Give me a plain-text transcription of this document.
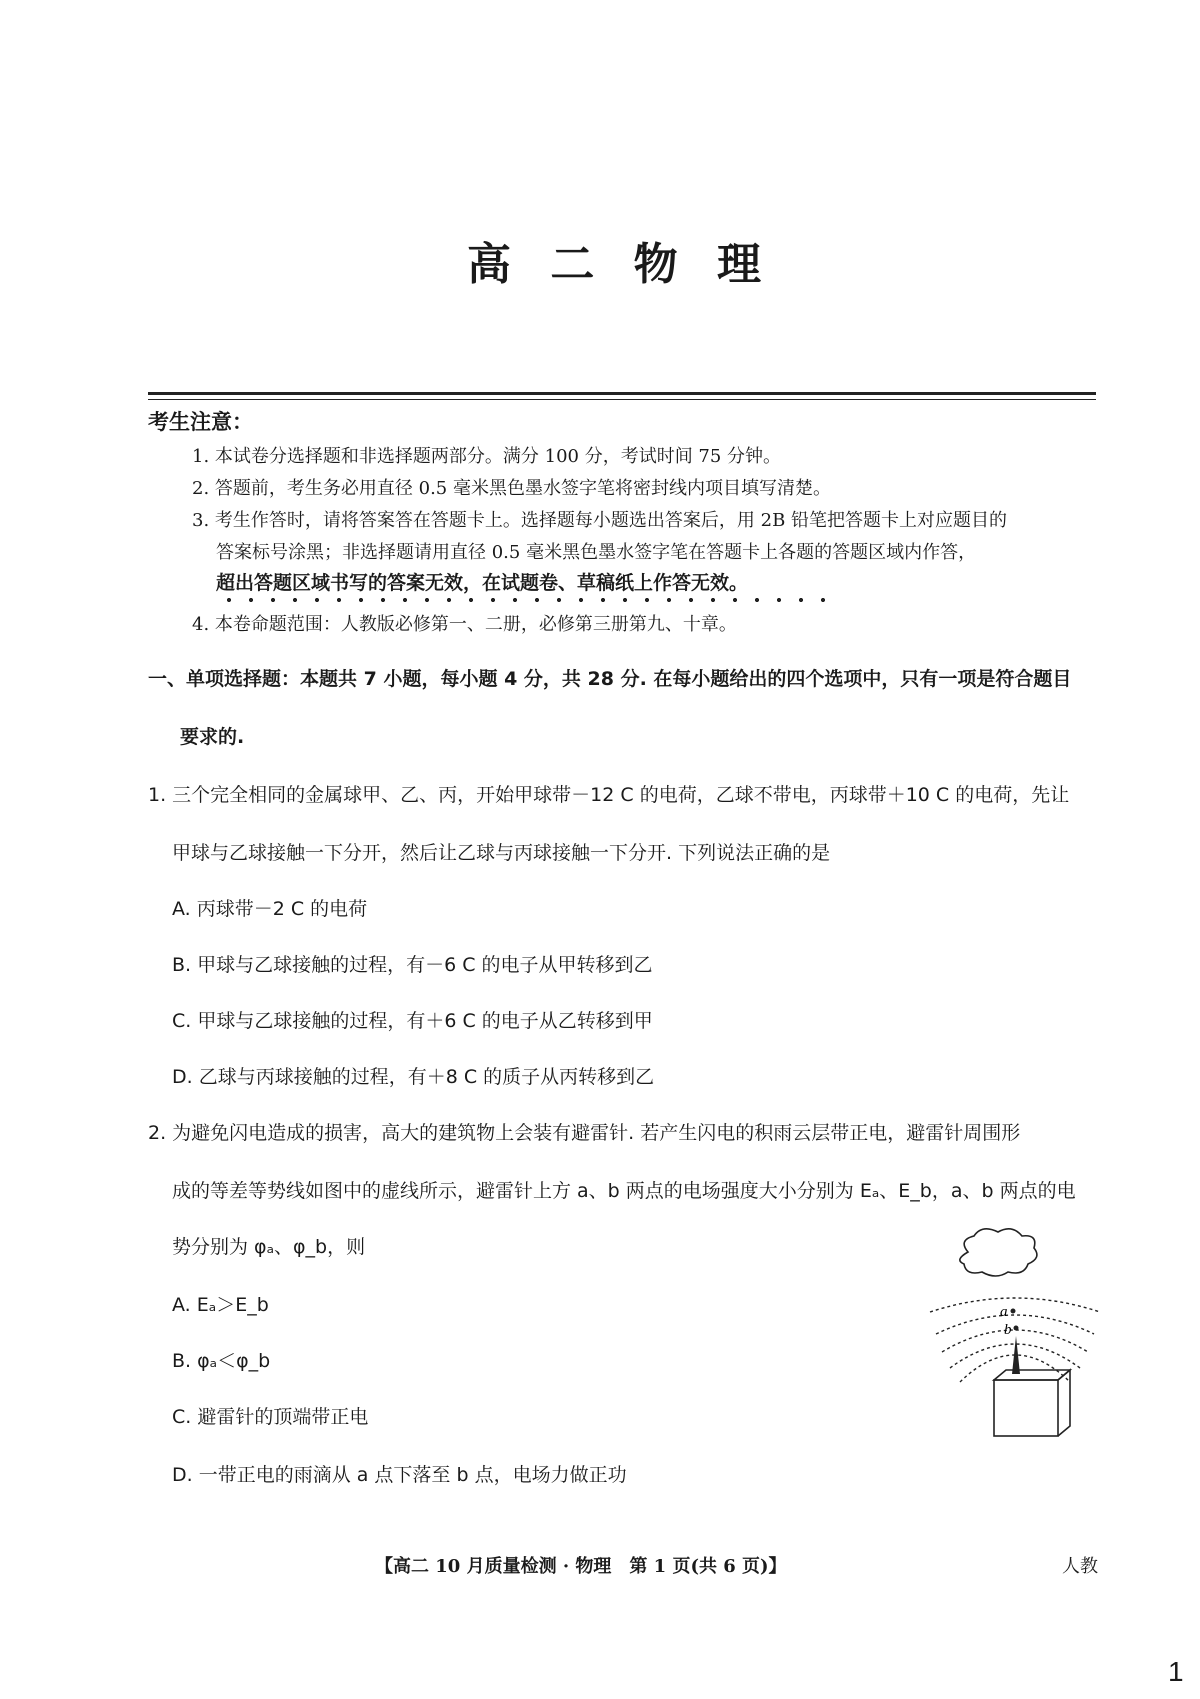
高 二 物 理
考生注意：
1. 本试卷分选择题和非选择题两部分。满分 100 分，考试时间 75 分钟。
2. 答题前，考生务必用直径 0.5 毫米黑色墨水签字笔将密封线内项目填写清楚。
3. 考生作答时，请将答案答在答题卡上。选择题每小题选出答案后，用 2B 铅笔把答题卡上对应题目的
答案标号涂黑；非选择题请用直径 0.5 毫米黑色墨水签字笔在答题卡上各题的答题区域内作答，
超出答题区域书写的答案无效，在试题卷、草稿纸上作答无效。
4. 本卷命题范围：人教版必修第一、二册，必修第三册第九、十章。
一、单项选择题：本题共 7 小题，每小题 4 分，共 28 分. 在每小题给出的四个选项中，只有一项是符合题目
要求的.
1. 三个完全相同的金属球甲、乙、丙，开始甲球带－12 C 的电荷，乙球不带电，丙球带＋10 C 的电荷，先让
甲球与乙球接触一下分开，然后让乙球与丙球接触一下分开. 下列说法正确的是
A. 丙球带－2 C 的电荷
B. 甲球与乙球接触的过程，有－6 C 的电子从甲转移到乙
C. 甲球与乙球接触的过程，有＋6 C 的电子从乙转移到甲
D. 乙球与丙球接触的过程，有＋8 C 的质子从丙转移到乙
2. 为避免闪电造成的损害，高大的建筑物上会装有避雷针. 若产生闪电的积雨云层带正电，避雷针周围形
成的等差等势线如图中的虚线所示，避雷针上方 a、b 两点的电场强度大小分别为 Eₐ、E_b，a、b 两点的电
势分别为 φₐ、φ_b，则
A. Eₐ＞E_b
B. φₐ＜φ_b
C. 避雷针的顶端带正电
D. 一带正电的雨滴从 a 点下落至 b 点，电场力做正功
a
b
【高二 10 月质量检测 · 物理　第 1 页(共 6 页)】	人教
1
